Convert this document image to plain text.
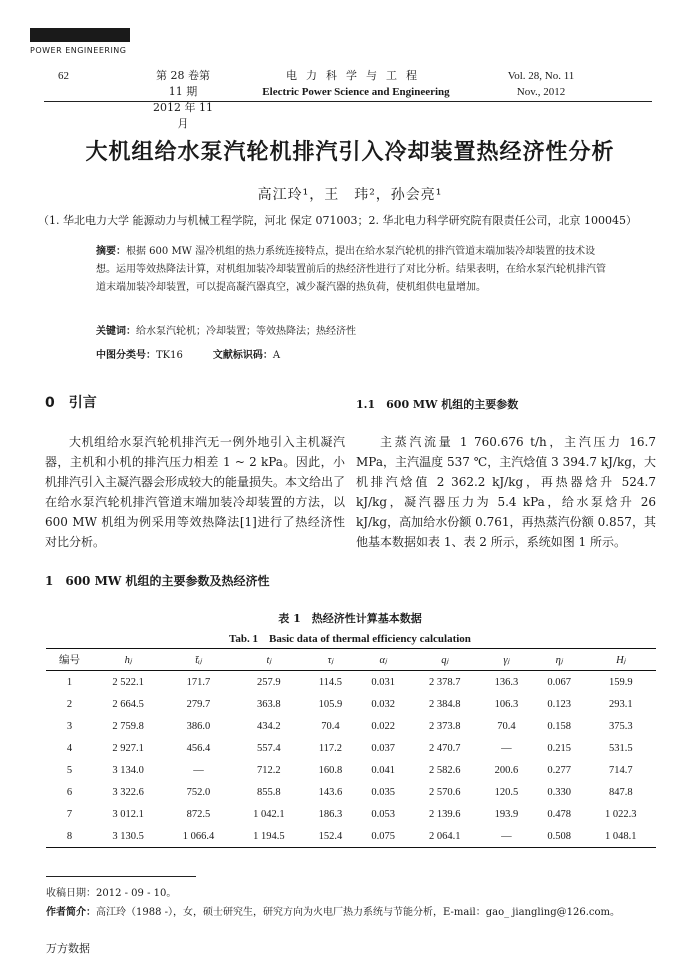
POWER ENGINEERING
62	第 28 卷第 11 期
2012 年 11 月
电力科学与工程
Electric Power Science and Engineering
Vol. 28, No. 11
Nov., 2012
大机组给水泵汽轮机排汽引入冷却装置热经济性分析
高江玲¹，王　玮²，孙会亮¹
（1. 华北电力大学 能源动力与机械工程学院，河北 保定 071003；2. 华北电力科学研究院有限责任公司，北京 100045）
摘要：根据 600 MW 湿冷机组的热力系统连接特点，提出在给水泵汽轮机的排汽管道末端加装冷却装置的技术设想。运用等效热降法计算，对机组加装冷却装置前后的热经济性进行了对比分析。结果表明，在给水泵汽轮机排汽管道末端加装冷却装置，可以提高凝汽器真空，减少凝汽器的热负荷，使机组供电量增加。
关键词：给水泵汽轮机；冷却装置；等效热降法；热经济性
中图分类号：TK16	文献标识码：A
0　引言
大机组给水泵汽轮机排汽无一例外地引入主机凝汽器，主机和小机的排汽压力相差 1 ~ 2 kPa。因此，小机排汽引入主凝汽器会形成较大的能量损失。本文给出了在给水泵汽轮机排汽管道末端加装冷却装置的方法，以 600 MW 机组为例采用等效热降法[1]进行了热经济性对比分析。
1　600 MW 机组的主要参数及热经济性
1.1　600 MW 机组的主要参数
主蒸汽流量 1 760.676 t/h，主汽压力 16.7 MPa，主汽温度 537 ℃，主汽焓值 3 394.7 kJ/kg，大机排汽焓值 2 362.2 kJ/kg，再热器焓升 524.7 kJ/kg，凝汽器压力为 5.4 kPa，给水泵焓升 26 kJ/kg，高加给水份额 0.761，再热蒸汽份额 0.857，其他基本数据如表 1、表 2 所示，系统如图 1 所示。
表 1　热经济性计算基本数据
Tab. 1　Basic data of thermal efficiency calculation
编号	hⱼ	t̄ᵢⱼ	tⱼ	τⱼ	αⱼ	qⱼ	γⱼ	ηⱼ	Hⱼ
1	2 522.1	171.7	257.9	114.5	0.031	2 378.7	136.3	0.067	159.9
2	2 664.5	279.7	363.8	105.9	0.032	2 384.8	106.3	0.123	293.1
3	2 759.8	386.0	434.2	70.4	0.022	2 373.8	70.4	0.158	375.3
4	2 927.1	456.4	557.4	117.2	0.037	2 470.7	—	0.215	531.5
5	3 134.0	—	712.2	160.8	0.041	2 582.6	200.6	0.277	714.7
6	3 322.6	752.0	855.8	143.6	0.035	2 570.6	120.5	0.330	847.8
7	3 012.1	872.5	1 042.1	186.3	0.053	2 139.6	193.9	0.478	1 022.3
8	3 130.5	1 066.4	1 194.5	152.4	0.075	2 064.1	—	0.508	1 048.1
收稿日期：2012 - 09 - 10。
作者简介：高江玲（1988 -），女，硕士研究生，研究方向为火电厂热力系统与节能分析，E-mail：gao_ jiangling@126.com。
万方数据
